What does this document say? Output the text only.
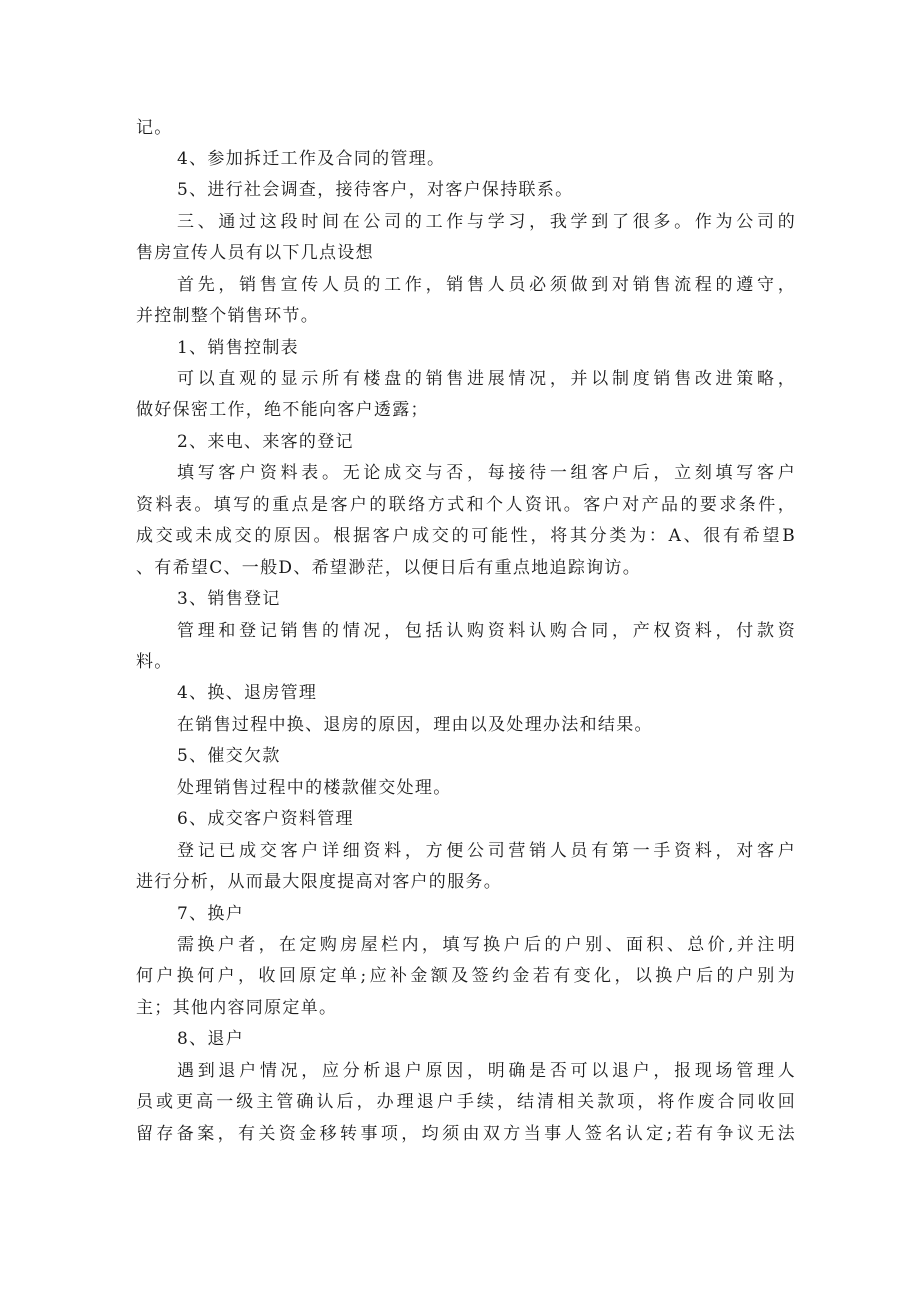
记。
4、参加拆迁工作及合同的管理。
5、进行社会调查，接待客户，对客户保持联系。
三、通过这段时间在公司的工作与学习，我学到了很多。作为公司的
售房宣传人员有以下几点设想
首先，销售宣传人员的工作，销售人员必须做到对销售流程的遵守，
并控制整个销售环节。
1、销售控制表
可以直观的显示所有楼盘的销售进展情况，并以制度销售改进策略，
做好保密工作，绝不能向客户透露；
2、来电、来客的登记
填写客户资料表。无论成交与否，每接待一组客户后，立刻填写客户
资料表。填写的重点是客户的联络方式和个人资讯。客户对产品的要求条件，
成交或未成交的原因。根据客户成交的可能性，将其分类为：A、很有希望B
、有希望C、一般D、希望渺茫，以便日后有重点地追踪询访。
3、销售登记
管理和登记销售的情况，包括认购资料认购合同，产权资料，付款资
料。
4、换、退房管理
在销售过程中换、退房的原因，理由以及处理办法和结果。
5、催交欠款
处理销售过程中的楼款催交处理。
6、成交客户资料管理
登记已成交客户详细资料，方便公司营销人员有第一手资料，对客户
进行分析，从而最大限度提高对客户的服务。
7、换户
需换户者，在定购房屋栏内，填写换户后的户别、面积、总价,并注明
何户换何户，收回原定单;应补金额及签约金若有变化，以换户后的户别为
主；其他内容同原定单。
8、退户
遇到退户情况，应分析退户原因，明确是否可以退户，报现场管理人
员或更高一级主管确认后，办理退户手续，结清相关款项，将作废合同收回
留存备案，有关资金移转事项，均须由双方当事人签名认定;若有争议无法
